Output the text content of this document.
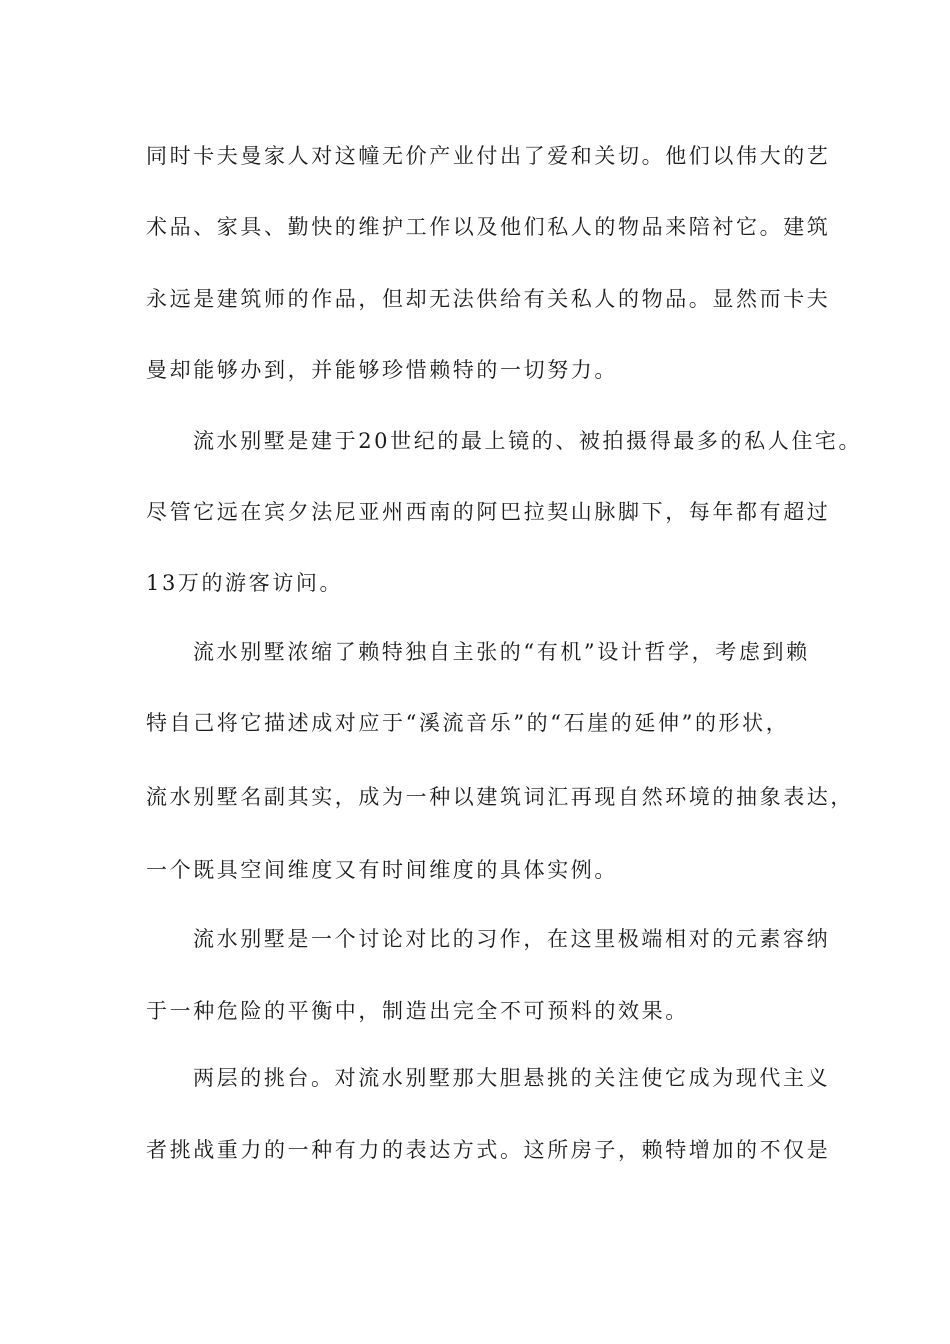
同时卡夫曼家人对这幢无价产业付出了爱和关切。他们以伟大的艺
术品、家具、勤快的维护工作以及他们私人的物品来陪衬它。建筑
永远是建筑师的作品，但却无法供给有关私人的物品。显然而卡夫
曼却能够办到，并能够珍惜赖特的一切努力。
流水别墅是建于20世纪的最上镜的、被拍摄得最多的私人住宅。
尽管它远在宾夕法尼亚州西南的阿巴拉契山脉脚下，每年都有超过
13万的游客访问。
流水别墅浓缩了赖特独自主张的“有机”设计哲学，考虑到赖
特自己将它描述成对应于“溪流音乐”的“石崖的延伸”的形状，
流水别墅名副其实，成为一种以建筑词汇再现自然环境的抽象表达，
一个既具空间维度又有时间维度的具体实例。
流水别墅是一个讨论对比的习作，在这里极端相对的元素容纳
于一种危险的平衡中，制造出完全不可预料的效果。
两层的挑台。对流水别墅那大胆悬挑的关注使它成为现代主义
者挑战重力的一种有力的表达方式。这所房子，赖特增加的不仅是
